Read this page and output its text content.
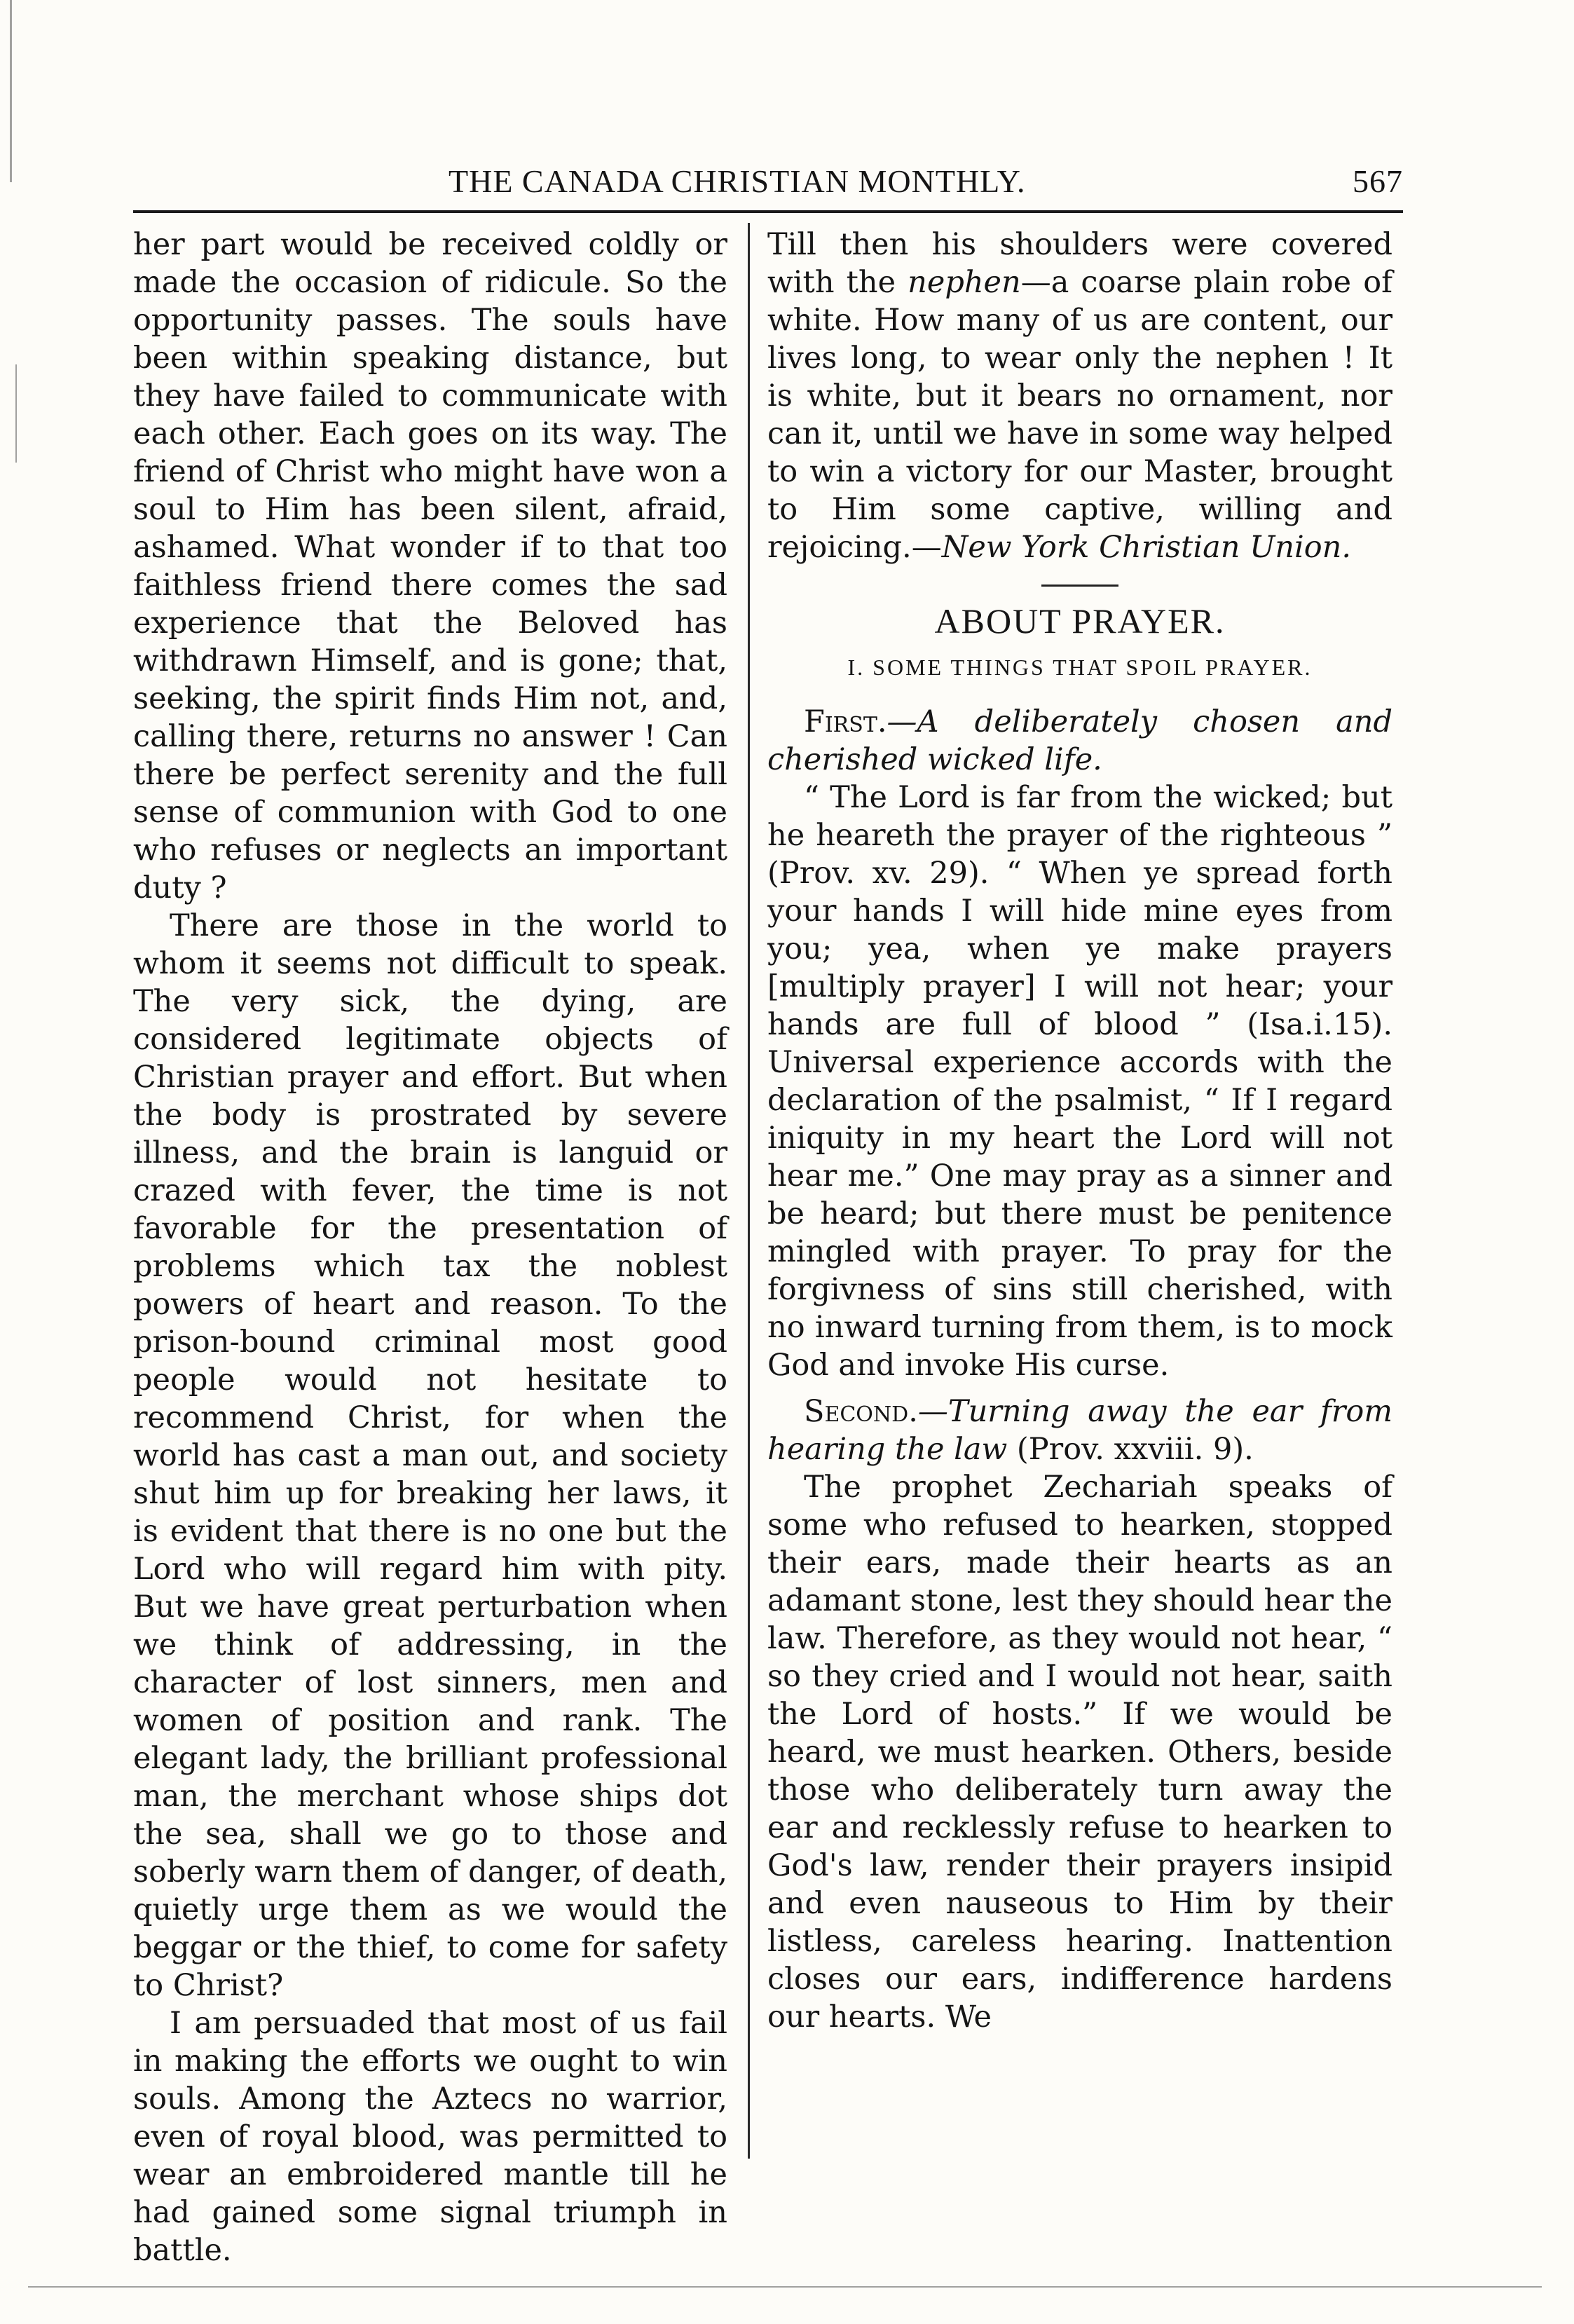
THE CANADA CHRISTIAN MONTHLY.	567

her part would be received coldly or made the occasion of ridicule. So the opportunity passes. The souls have been within speaking distance, but they have failed to communicate with each other. Each goes on its way. The friend of Christ who might have won a soul to Him has been silent, afraid, ashamed. What wonder if to that too faithless friend there comes the sad experience that the Beloved has withdrawn Himself, and is gone; that, seeking, the spirit finds Him not, and, calling there, returns no answer ! Can there be perfect serenity and the full sense of communion with God to one who refuses or neglects an important duty ?

There are those in the world to whom it seems not difficult to speak. The very sick, the dying, are considered legitimate objects of Christian prayer and effort. But when the body is prostrated by severe illness, and the brain is languid or crazed with fever, the time is not favorable for the presentation of problems which tax the noblest powers of heart and reason. To the prison-bound criminal most good people would not hesitate to recommend Christ, for when the world has cast a man out, and society shut him up for breaking her laws, it is evident that there is no one but the Lord who will regard him with pity. But we have great perturbation when we think of addressing, in the character of lost sinners, men and women of position and rank. The elegant lady, the brilliant professional man, the merchant whose ships dot the sea, shall we go to those and soberly warn them of danger, of death, quietly urge them as we would the beggar or the thief, to come for safety to Christ?

I am persuaded that most of us fail in making the efforts we ought to win souls. Among the Aztecs no warrior, even of royal blood, was permitted to wear an embroidered mantle till he had gained some signal triumph in battle.

Till then his shoulders were covered with the nephen—a coarse plain robe of white. How many of us are content, our lives long, to wear only the nephen ! It is white, but it bears no ornament, nor can it, until we have in some way helped to win a victory for our Master, brought to Him some captive, willing and rejoicing.—New York Christian Union.

ABOUT PRAYER.
I. SOME THINGS THAT SPOIL PRAYER.

First.—A deliberately chosen and cherished wicked life.

“ The Lord is far from the wicked; but he heareth the prayer of the righteous ” (Prov. xv. 29). “ When ye spread forth your hands I will hide mine eyes from you; yea, when ye make prayers [multiply prayer] I will not hear; your hands are full of blood ” (Isa.i.15). Universal experience accords with the declaration of the psalmist, “ If I regard iniquity in my heart the Lord will not hear me.” One may pray as a sinner and be heard; but there must be penitence mingled with prayer. To pray for the forgivness of sins still cherished, with no inward turning from them, is to mock God and invoke His curse.

Second.—Turning away the ear from hearing the law (Prov. xxviii. 9).

The prophet Zechariah speaks of some who refused to hearken, stopped their ears, made their hearts as an adamant stone, lest they should hear the law. Therefore, as they would not hear, “ so they cried and I would not hear, saith the Lord of hosts.” If we would be heard, we must hearken. Others, beside those who deliberately turn away the ear and recklessly refuse to hearken to God's law, render their prayers insipid and even nauseous to Him by their listless, careless hearing. Inattention closes our ears, indifference hardens our hearts. We
